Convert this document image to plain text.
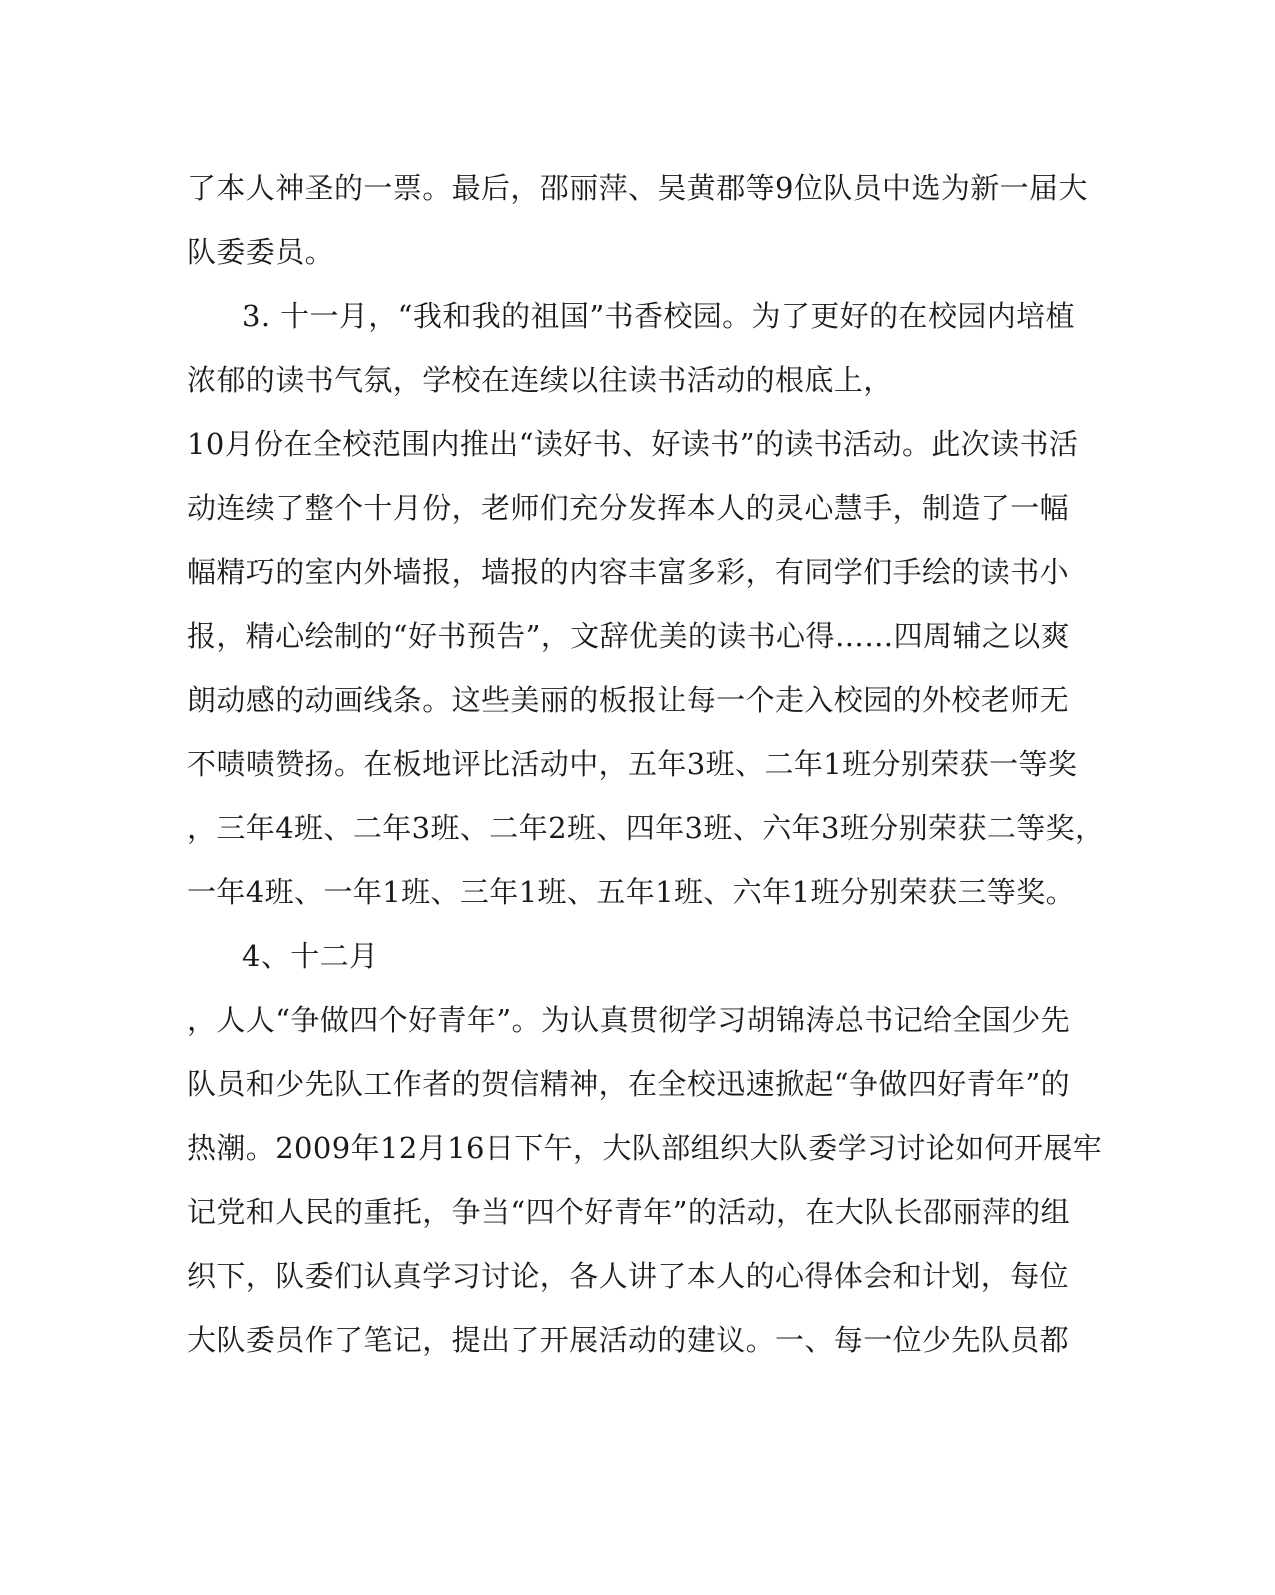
了本人神圣的一票。最后，邵丽萍、吴黄郡等9位队员中选为新一届大
队委委员。
3. 十一月，“我和我的祖国”书香校园。为了更好的在校园内培植
浓郁的读书气氛，学校在连续以往读书活动的根底上，
10月份在全校范围内推出“读好书、好读书”的读书活动。此次读书活
动连续了整个十月份，老师们充分发挥本人的灵心慧手，制造了一幅
幅精巧的室内外墙报，墙报的内容丰富多彩，有同学们手绘的读书小
报，精心绘制的“好书预告”，文辞优美的读书心得……四周辅之以爽
朗动感的动画线条。这些美丽的板报让每一个走入校园的外校老师无
不啧啧赞扬。在板地评比活动中，五年3班、二年1班分别荣获一等奖
，三年4班、二年3班、二年2班、四年3班、六年3班分别荣获二等奖，
一年4班、一年1班、三年1班、五年1班、六年1班分别荣获三等奖。
4、十二月
，人人“争做四个好青年”。为认真贯彻学习胡锦涛总书记给全国少先
队员和少先队工作者的贺信精神，在全校迅速掀起“争做四好青年”的
热潮。2009年12月16日下午，大队部组织大队委学习讨论如何开展牢
记党和人民的重托，争当“四个好青年”的活动，在大队长邵丽萍的组
织下，队委们认真学习讨论，各人讲了本人的心得体会和计划，每位
大队委员作了笔记，提出了开展活动的建议。一、每一位少先队员都
